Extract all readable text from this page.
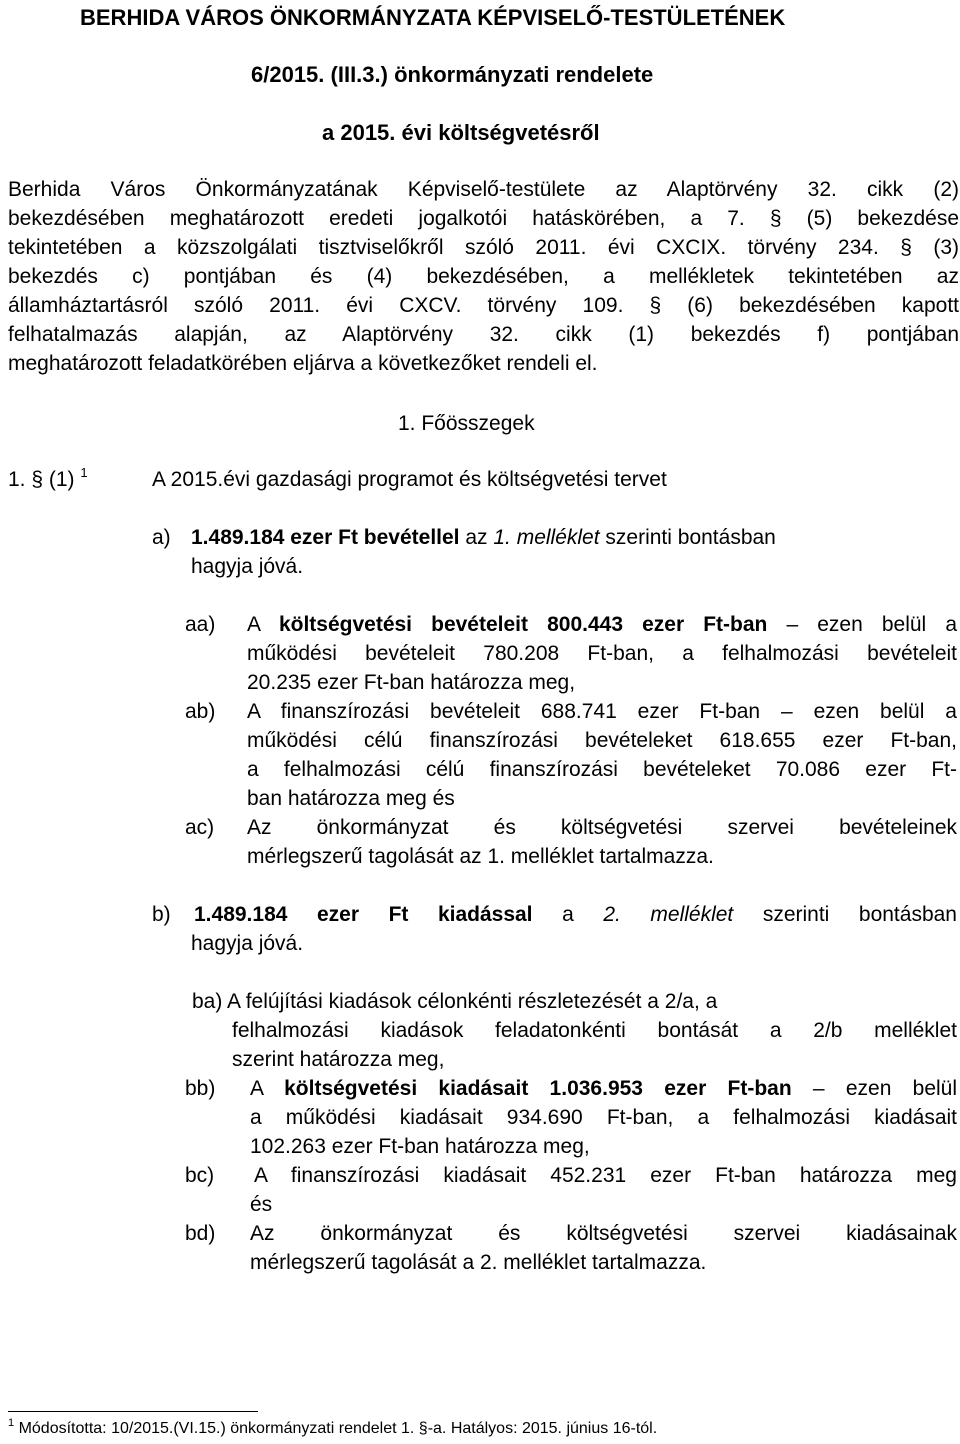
BERHIDA VÁROS ÖNKORMÁNYZATA KÉPVISELŐ-TESTÜLETÉNEK
6/2015. (III.3.) önkormányzati rendelete
a 2015. évi költségvetésről
Berhida Város Önkormányzatának Képviselő-testülete az Alaptörvény 32. cikk (2)
bekezdésében meghatározott eredeti jogalkotói hatáskörében, a 7. § (5) bekezdése
tekintetében a közszolgálati tisztviselőkről szóló 2011. évi CXCIX. törvény 234. § (3)
bekezdés c) pontjában és (4) bekezdésében, a mellékletek tekintetében az
államháztartásról szóló 2011. évi CXCV. törvény 109. § (6) bekezdésében kapott
felhatalmazás alapján, az Alaptörvény 32. cikk (1) bekezdés f) pontjában
meghatározott feladatkörében eljárva a következőket rendeli el.
1. Főösszegek
1. § (1) $^1$	A 2015.évi gazdasági programot és költségvetési tervet
a) 1.489.184 ezer Ft bevétellel az 1. melléklet szerinti bontásban
hagyja jóvá.
aa) A költségvetési bevételeit 800.443 ezer Ft-ban – ezen belül a
működési bevételeit 780.208 Ft-ban, a felhalmozási bevételeit
20.235 ezer Ft-ban határozza meg,
ab) A finanszírozási bevételeit 688.741 ezer Ft-ban – ezen belül a
működési célú finanszírozási bevételeket 618.655 ezer Ft-ban,
a felhalmozási célú finanszírozási bevételeket 70.086 ezer Ft-
ban határozza meg és
ac) Az önkormányzat és költségvetési szervei bevételeinek
mérlegszerű tagolását az 1. melléklet tartalmazza.
b) 1.489.184 ezer Ft kiadással a 2. melléklet szerinti bontásban
hagyja jóvá.
ba) A felújítási kiadások célonkénti részletezését a 2/a, a
felhalmozási kiadások feladatonkénti bontását a 2/b melléklet
szerint határozza meg,
bb) A költségvetési kiadásait 1.036.953 ezer Ft-ban – ezen belül
a működési kiadásait 934.690 Ft-ban, a felhalmozási kiadásait
102.263 ezer Ft-ban határozza meg,
bc) A finanszírozási kiadásait 452.231 ezer Ft-ban határozza meg
és
bd) Az önkormányzat és költségvetési szervei kiadásainak
mérlegszerű tagolását a 2. melléklet tartalmazza.
$^1$ Módosította: 10/2015.(VI.15.) önkormányzati rendelet 1. §-a. Hatályos: 2015. június 16-tól.
